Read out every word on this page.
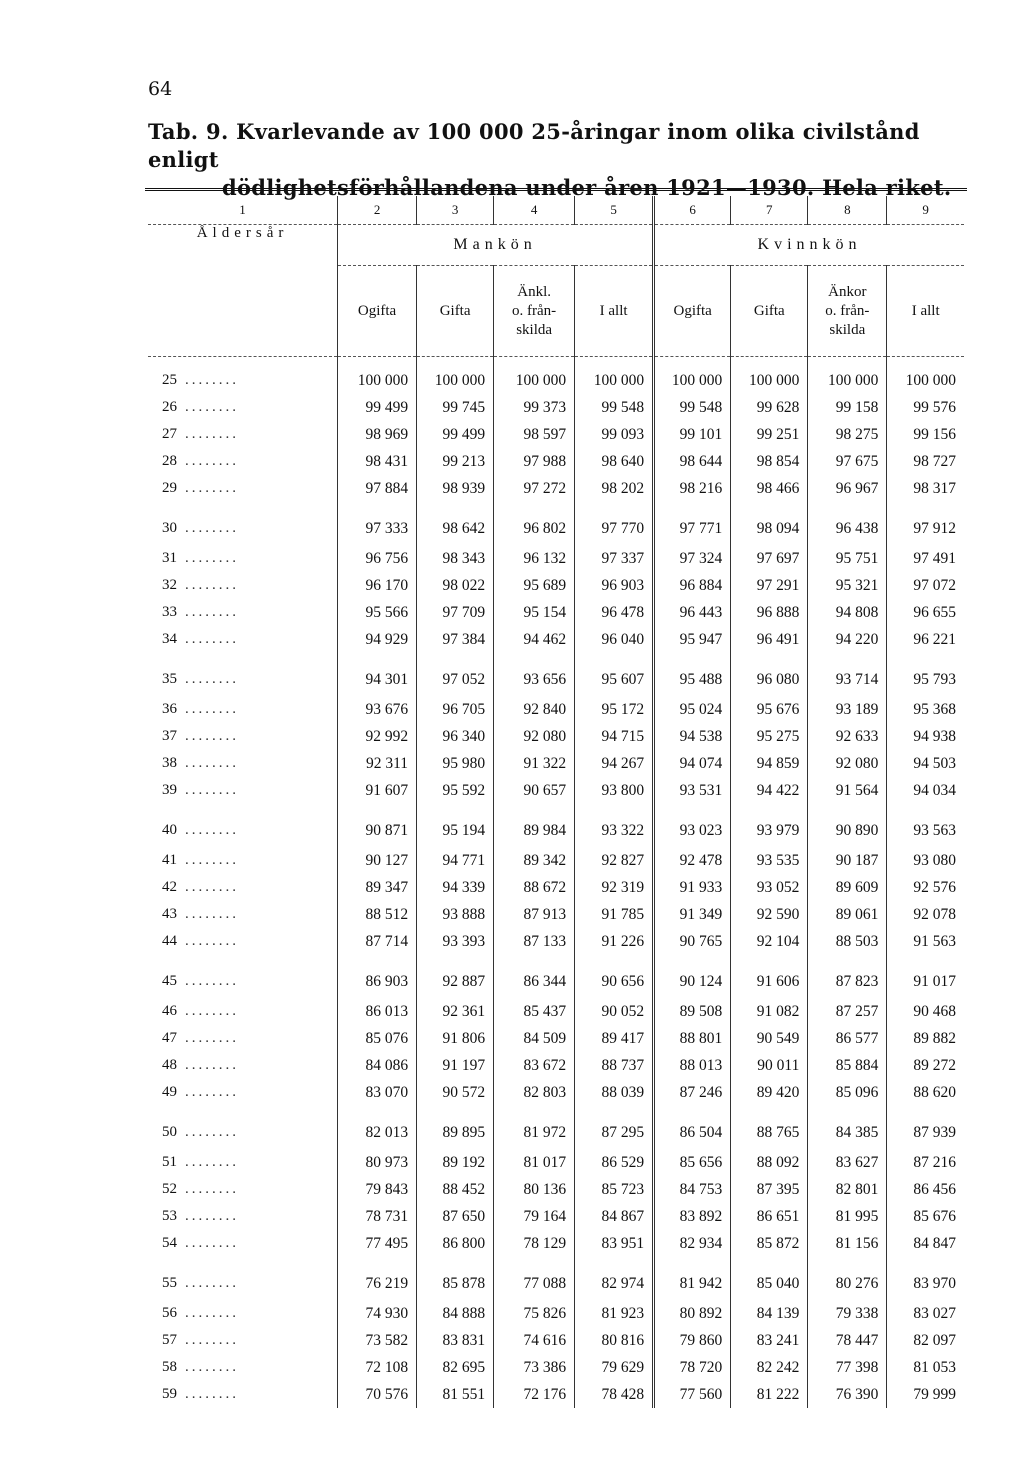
64
Tab. 9. Kvarlevande av 100 000 25-åringar inom olika civilstånd enligt
dödlighetsförhållandena under åren 1921—1930. Hela riket.
1	2	3	4	5	6	7	8	9
Åldersår	Mankön				Kvinnkön			
	Ogifta	Gifta	Änkl.
o. från-
skilda	I allt	Ogifta	Gifta	Änkor
o. från-
skilda	I allt

25 ........	100 000	100 000	100 000	100 000	100 000	100 000	100 000	100 000
26 ........	99 499	99 745	99 373	99 548	99 548	99 628	99 158	99 576
27 ........	98 969	99 499	98 597	99 093	99 101	99 251	98 275	99 156
28 ........	98 431	99 213	97 988	98 640	98 644	98 854	97 675	98 727
29 ........	97 884	98 939	97 272	98 202	98 216	98 466	96 967	98 317
30 ........	97 333	98 642	96 802	97 770	97 771	98 094	96 438	97 912
31 ........	96 756	98 343	96 132	97 337	97 324	97 697	95 751	97 491
32 ........	96 170	98 022	95 689	96 903	96 884	97 291	95 321	97 072
33 ........	95 566	97 709	95 154	96 478	96 443	96 888	94 808	96 655
34 ........	94 929	97 384	94 462	96 040	95 947	96 491	94 220	96 221
35 ........	94 301	97 052	93 656	95 607	95 488	96 080	93 714	95 793
36 ........	93 676	96 705	92 840	95 172	95 024	95 676	93 189	95 368
37 ........	92 992	96 340	92 080	94 715	94 538	95 275	92 633	94 938
38 ........	92 311	95 980	91 322	94 267	94 074	94 859	92 080	94 503
39 ........	91 607	95 592	90 657	93 800	93 531	94 422	91 564	94 034
40 ........	90 871	95 194	89 984	93 322	93 023	93 979	90 890	93 563
41 ........	90 127	94 771	89 342	92 827	92 478	93 535	90 187	93 080
42 ........	89 347	94 339	88 672	92 319	91 933	93 052	89 609	92 576
43 ........	88 512	93 888	87 913	91 785	91 349	92 590	89 061	92 078
44 ........	87 714	93 393	87 133	91 226	90 765	92 104	88 503	91 563
45 ........	86 903	92 887	86 344	90 656	90 124	91 606	87 823	91 017
46 ........	86 013	92 361	85 437	90 052	89 508	91 082	87 257	90 468
47 ........	85 076	91 806	84 509	89 417	88 801	90 549	86 577	89 882
48 ........	84 086	91 197	83 672	88 737	88 013	90 011	85 884	89 272
49 ........	83 070	90 572	82 803	88 039	87 246	89 420	85 096	88 620
50 ........	82 013	89 895	81 972	87 295	86 504	88 765	84 385	87 939
51 ........	80 973	89 192	81 017	86 529	85 656	88 092	83 627	87 216
52 ........	79 843	88 452	80 136	85 723	84 753	87 395	82 801	86 456
53 ........	78 731	87 650	79 164	84 867	83 892	86 651	81 995	85 676
54 ........	77 495	86 800	78 129	83 951	82 934	85 872	81 156	84 847
55 ........	76 219	85 878	77 088	82 974	81 942	85 040	80 276	83 970
56 ........	74 930	84 888	75 826	81 923	80 892	84 139	79 338	83 027
57 ........	73 582	83 831	74 616	80 816	79 860	83 241	78 447	82 097
58 ........	72 108	82 695	73 386	79 629	78 720	82 242	77 398	81 053
59 ........	70 576	81 551	72 176	78 428	77 560	81 222	76 390	79 999
